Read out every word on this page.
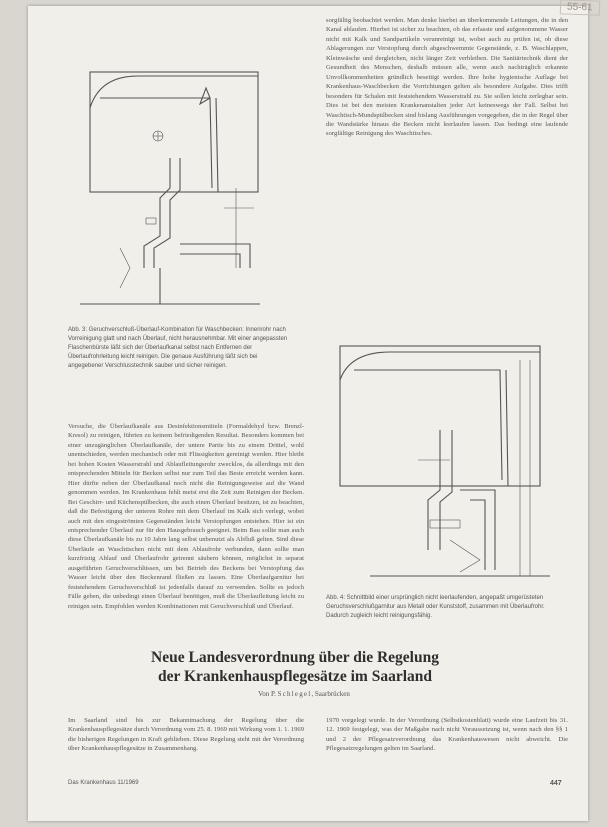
55-61
Abb. 3: Geruchverschluß-Überlauf-Kombination für Waschbecken: Innenrohr nach Vorreinigung glatt und nach Überlauf, nicht herausnehmbar. Mit einer angepassten Flaschenbürste läßt sich der Überlaufkanal selbst nach Entfernen der Überlaufrohrleitung leicht reinigen. Die genaue Ausführung läßt sich bei angegebener Verschlusstechnik sauber und sicher reinigen.
Abb. 4: Schnittbild einer ursprünglich nicht leerlaufenden, angepaßt umgerüsteten Geruchsverschlußgarnitur aus Metall oder Kunststoff, zusammen mit Überlaufrohr. Dadurch zugleich leicht reinigungsfähig.
sorgfältig beobachtet werden. Man denke hierbei an überkommende Leitungen, die in den Kanal ablaufen. Hierbei ist sicher zu beachten, ob das erfasste und aufgenommene Wasser nicht mit Kalk und Sandpartikeln verunreinigt ist, wobei auch zu prüfen ist, ob diese Ablagerungen zur Verstopfung durch abgeschwemmte Gegenstände, z. B. Waschlappen, Kleinwäsche und dergleichen, nicht länger Zeit verbleiben. Die Sanitärtechnik dient der Gesundheit des Menschen, deshalb müssen alle, wenn auch nachträglich erkannte Unvollkommenheiten gründlich beseitigt werden. Ihre hohe hygienische Auflage bei Krankenhaus-Waschbecken die Vorrichtungen gelten als besondere Aufgabe. Dies trifft besonders für Schalen mit feststehendem Wasserstrahl zu. Sie sollen leicht zerlegbar sein. Dies ist bei den meisten Krankenanstalten jeder Art keineswegs der Fall. Selbst bei Waschtisch-Mundspülbecken sind bislang Ausführungen vorgegeben, die in der Regel über die Wandstärke hinaus die Becken nicht leerlaufen lassen. Das bedingt eine laufende sorgfältige Reinigung des Waschtisches.
Versuche, die Überlaufkanäle aus Desinfektionsmitteln (Formaldehyd bzw. Brenzl-Kresol) zu reinigen, führten zu keinem befriedigenden Resultat. Besonders kommen bei einer unzugänglichen Überlaufkanäle, der untere Partie bis zu einem Drittel, wohl unentschieden, werden mechanisch oder mit Flüssigkeiten gereinigt werden. Hier bleibt bei hohen Kosten Wasserstrahl und Ablaufleitungsrohr zwecklos, da allerdings mit den entsprechenden Mitteln für Becken selbst nur zum Teil das Beste erreicht werden kann. Hier dürfte neben der Überlaufkanal noch nicht die Reinigungsweise auf die Wand genommen werden. Im Krankenhaus fehlt meist erst die Zeit zum Reinigen der Becken. Bei Geschirr- und Küchenspülbecken, die auch einen Überlauf besitzen, ist zu beachten, daß die Befestigung der unteren Rohre mit dem Überlauf im Kalk sich verlegt, wobei auch mit den eingeströmten Gegenständen leicht Verstopfungen entstehen. Hier ist ein entsprechender Überlauf nur für den Hausgebrauch geeignet. Beim Bau sollte man auch diese Überlaufkanäle bis zu 10 Jahre lang selbst unbenutzt als Abfluß gelten. Sind diese Überläufe an Waschtischen nicht mit dem Ablaufrohr verbunden, dann sollte man kurzfristig Ablauf und Überlaufrohr getrennt säubern können, möglichst in separat ausgeführten Geruchverschlüssen, um bei Betrieb des Beckens bei Verstopfung das Wasser leicht über den Beckenrand fließen zu lassen. Eine Überlaufgarnitur bei feststehendem Geruchsverschluß ist jedenfalls darauf zu verwenden. Sollte es jedoch Fälle geben, die unbedingt einen Überlauf benötigen, muß die Überlaufleitung leicht zu reinigen sein. Empfohlen werden Kombinationen mit Geruchverschluß und Überlauf.
Neue Landesverordnung über die Regelung
der Krankenhauspflegesätze im Saarland
Von P. Schlegel, Saarbrücken
Im Saarland sind bis zur Bekanntmachung der Regelung über die Krankenhauspflegesätze durch Verordnung vom 25. 8. 1969 mit Wirkung vom 1. 1. 1969 die bisherigen Regelungen in Kraft geblieben. Diese Regelung steht mit der Verordnung über Krankenhauspflegesätze in Zusammenhang.
1970 vorgelegt wurde. In der Verordnung (Selbstkostenblatt) wurde eine Laufzeit bis 31. 12. 1969 festgelegt, was der Maßgabe nach nicht Voraussetzung ist, wenn nach den §§ 1 und 2 der Pflegesatzverordnung das Krankenhauswesen nicht abweicht. Die Pflegesatzregelungen gelten im Saarland.
Das Krankenhaus 11/1969	447
